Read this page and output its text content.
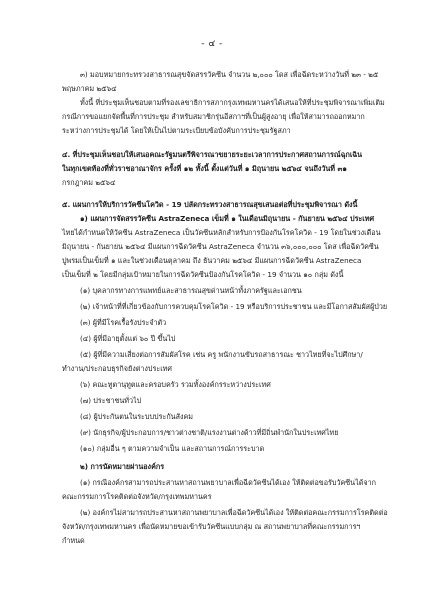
- ๔ -
๓) มอบหมายกระทรวงสาธารณสุขจัดสรรวัคซีน จำนวน ๒,๐๐๐ โดส เพื่อฉีดระหว่างวันที่ ๒๓ - ๒๕
พฤษภาคม ๒๕๖๔
ทั้งนี้ ที่ประชุมเห็นชอบตามที่รองเลขาธิการสภากรุงเทพมหานครได้เสนอให้ที่ประชุมพิจารณาเพิ่มเติม
กรณีการขอแยกจัดพื้นที่การประชุม สำหรับสมาชิกรุ่นอีสกาฯที่เป็นผู้สูงอายุ เพื่อให้สามารถออกหมาก
ระหว่างการประชุมได้ โดยให้เป็นไปตามระเบียบข้อบังคับการประชุมรัฐสภา
๔. ที่ประชุมเห็นชอบให้เสนอคณะรัฐมนตรีพิจารณาขยายระยะเวลาการประกาศสถานการณ์ฉุกเฉิน
ในทุกเขตท้องที่ทั่วราชอาณาจักร ครั้งที่ ๑๒ ทั้งนี้ ตั้งแต่วันที่ ๑ มิถุนายน ๒๕๖๔ จนถึงวันที่ ๓๑
กรกฎาคม ๒๕๖๔
๕. แผนการให้บริการวัคซีนโควิด - 19 ปลัดกระทรวงสาธารณสุขเสนอต่อที่ประชุมพิจารณา ดังนี้
๑) แผนการจัดสรรวัคซีน AstraZeneca เข็มที่ ๑ ในเดือนมิถุนายน - กันยายน ๒๕๖๔ ประเทศ
ไทยได้กำหนดให้วัคซีน AstraZeneca เป็นวัคซีนหลักสำหรับการป้องกันโรคโควิด - 19 โดยในช่วงเดือน
มิถุนายน - กันยายน ๒๕๖๔ มีแผนการฉีดวัคซีน AstraZeneca จำนวน ๓๖,๐๐๐,๐๐๐ โดส เพื่อฉีดวัคซีน
ปูพรมเป็นเข็มที่ ๑ และในช่วงเดือนตุลาคม ถึง ธันวาคม ๒๕๖๔ มีแผนการฉีดวัคซีน AstraZeneca
เป็นเข็มที่ ๒ โดยมีกลุ่มเป้าหมายในการฉีดวัคซีนป้องกันโรคโควิด - 19 จำนวน ๑๐ กลุ่ม ดังนี้
(๑) บุคลากรทางการแพทย์และสาธารณสุขด่านหน้าทั้งภาครัฐและเอกชน
(๒) เจ้าหน้าที่ที่เกี่ยวข้องกับการควบคุมโรคโควิด - 19 หรือบริการประชาชน และมีโอกาสสัมผัสผู้ป่วย
(๓) ผู้ที่มีโรคเรื้อรังประจำตัว
(๔) ผู้ที่มีอายุตั้งแต่ ๖๐ ปี ขึ้นไป
(๕) ผู้ที่มีความเสี่ยงต่อการสัมผัสโรค เช่น ครู พนักงานขับรถสาธารณะ ชาวไทยที่จะไปศึกษา/
ทำงาน/ประกอบธุรกิจยังต่างประเทศ
(๖) คณะทูตานุทูตและครอบครัว รวมทั้งองค์กรระหว่างประเทศ
(๗) ประชาชนทั่วไป
(๘) ผู้ประกันตนในระบบประกันสังคม
(๙) นักธุรกิจ/ผู้ประกอบการ/ชาวต่างชาติ/แรงงานต่างด้าวที่มีถิ่นพำนักในประเทศไทย
(๑๐) กลุ่มอื่น ๆ ตามความจำเป็น และสถานการณ์การระบาด
๒) การนัดหมายผ่านองค์กร
(๑) กรณีองค์กรสามารถประสานหาสถานพยาบาลเพื่อฉีดวัคซีนได้เอง ให้ติดต่อขอรับวัคซีนได้จาก
คณะกรรมการโรคติดต่อจังหวัด/กรุงเทพมหานคร
(๒) องค์กรไม่สามารถประสานหาสถานพยาบาลเพื่อฉีดวัคซีนได้เอง ให้ติดต่อคณะกรรมการโรคติดต่อ
จังหวัด/กรุงเทพมหานคร เพื่อนัดหมายขอเข้ารับวัคซีนแบบกลุ่ม ณ สถานพยาบาลที่คณะกรรมการฯ
กำหนด
